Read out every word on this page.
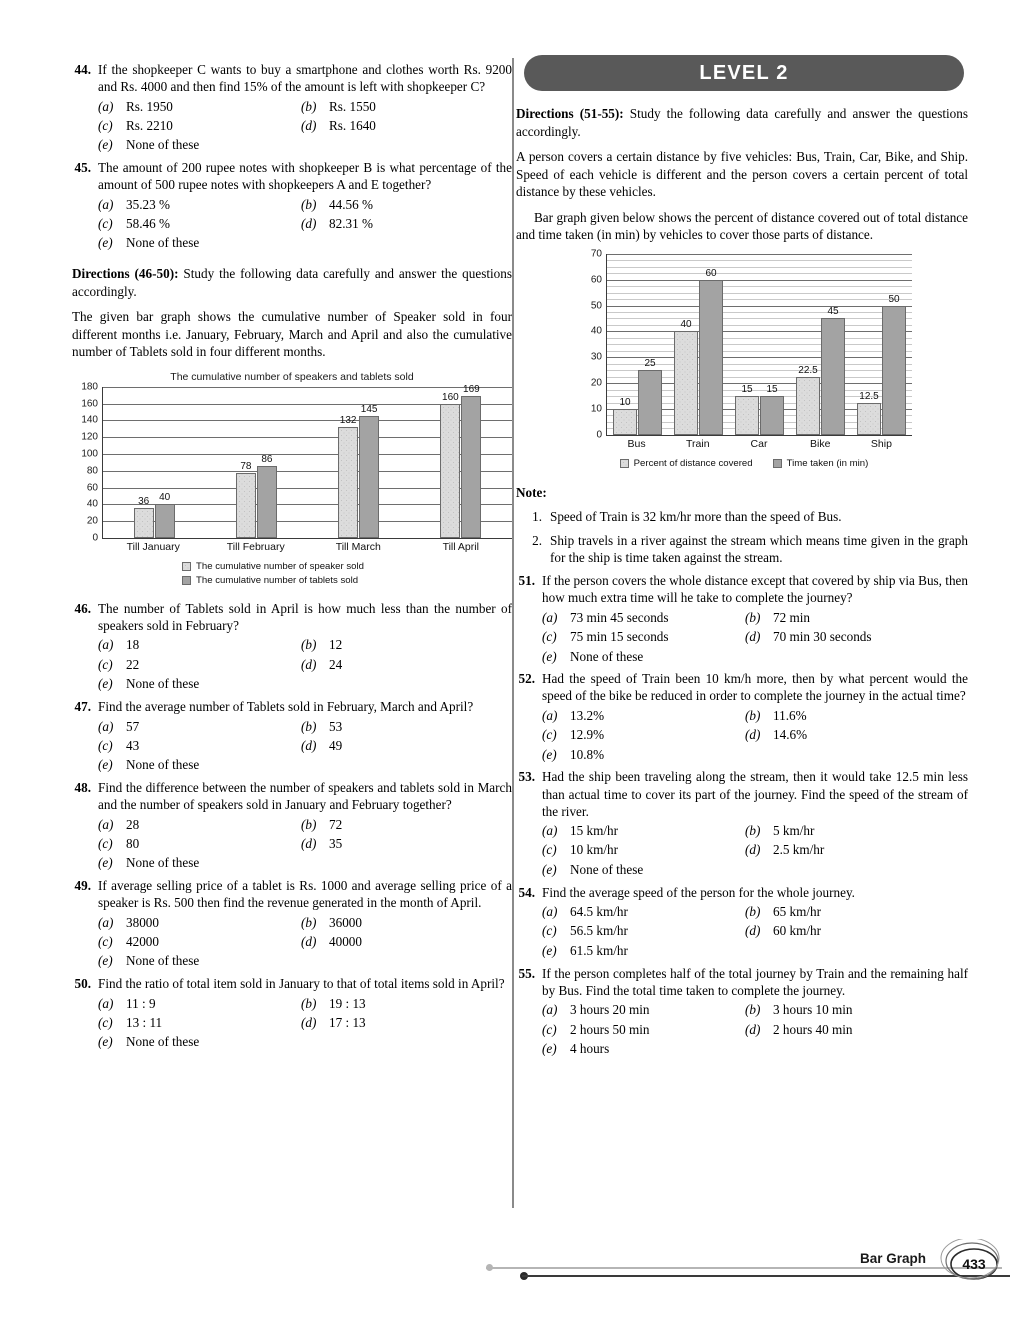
44. If the shopkeeper C wants to buy a smartphone and clothes worth Rs. 9200 and Rs. 4000 and then find 15% of the amount is left with shopkeeper C?
(a) Rs. 1950	(b) Rs. 1550
(c)	Rs. 2210	(d) Rs. 1640
(e)	None of these
45. The amount of 200 rupee notes with shopkeeper B is what percentage of the amount of 500 rupee notes with shopkeepers A and E together?
(a) 35.23 %	(b) 44.56 %
(c)	58.46 %	(d) 82.31 %
(e)	None of these
Directions (46-50): Study the following data carefully and answer the questions accordingly.
The given bar graph shows the cumulative number of Speaker sold in four different months i.e. January, February, March and April and also the cumulative number of Tablets sold in four different months.
The cumulative number of speakers and tablets sold
0
20
40
60
80
100
120
140
160
180
36 40
78
86
132
145
160
169
Till January	Till February	Till March	Till April
The cumulative number of speaker sold
The cumulative number of tablets sold
46. The number of Tablets sold in April is how much less than the number of speakers sold in February?
(a) 18	(b) 12
(c)	22	(d) 24
(e)	None of these
47. Find the average number of Tablets sold in February, March and April?
(a) 57	(b) 53
(c)	43	(d) 49
(e)	None of these
48. Find the difference between the number of speakers and tablets sold in March and the number of speakers sold in January and February together?
(a) 28	(b) 72
(c)	80	(d) 35
(e)	None of these
49. If average selling price of a tablet is Rs. 1000 and average selling price of a speaker is Rs. 500 then find the revenue generated in the month of April.
(a) 38000	(b) 36000
(c)	42000	(d) 40000
(e)	None of these
50. Find the ratio of total item sold in January to that of total items sold in April?
(a) 11 : 9	(b) 19 : 13
(c)	13 : 11	(d) 17 : 13
(e)	None of these
LEVEL 2
Directions (51-55): Study the following data carefully and answer the questions accordingly.
A person covers a certain distance by five vehicles: Bus, Train, Car, Bike, and Ship. Speed of each vehicle is different and the person covers a certain percent of total distance by these vehicles.
Bar graph given below shows the percent of distance covered out of total distance and time taken (in min) by vehicles to cover those parts of distance.
0
10
20
30
40
50
60
70
10
25
40
60
15 15
22.5
45
12.5
50
Bus	Train	Car	Bike	Ship
Percent of distance covered	Time taken (in min)
Note:
1. Speed of Train is 32 km/hr more than the speed of Bus.
2. Ship travels in a river against the stream which means time given in the graph for the ship is time taken against the stream.
51. If the person covers the whole distance except that covered by ship via Bus, then how much extra time will he take to complete the journey?
(a) 73 min 45 seconds	(b) 72 min
(c)	75 min 15 seconds	(d) 70 min 30 seconds
(e)	None of these
52. Had the speed of Train been 10 km/h more, then by what percent would the speed of the bike be reduced in order to complete the journey in the actual time?
(a) 13.2%	(b) 11.6%
(c)	12.9%	(d) 14.6%
(e)	10.8%
53. Had the ship been traveling along the stream, then it would take 12.5 min less than actual time to cover its part of the journey. Find the speed of the stream of the river.
(a) 15 km/hr	(b) 5 km/hr
(c)	10 km/hr	(d) 2.5 km/hr
(e)	None of these
54. Find the average speed of the person for the whole journey.
(a) 64.5 km/hr	(b) 65 km/hr
(c)	56.5 km/hr	(d) 60 km/hr
(e)	61.5 km/hr
55. If the person completes half of the total journey by Train and the remaining half by Bus. Find the total time taken to complete the journey.
(a) 3 hours 20 min	(b) 3 hours 10 min
(c)	2 hours 50 min	(d) 2 hours 40 min
(e)	4 hours
Bar Graph	433
